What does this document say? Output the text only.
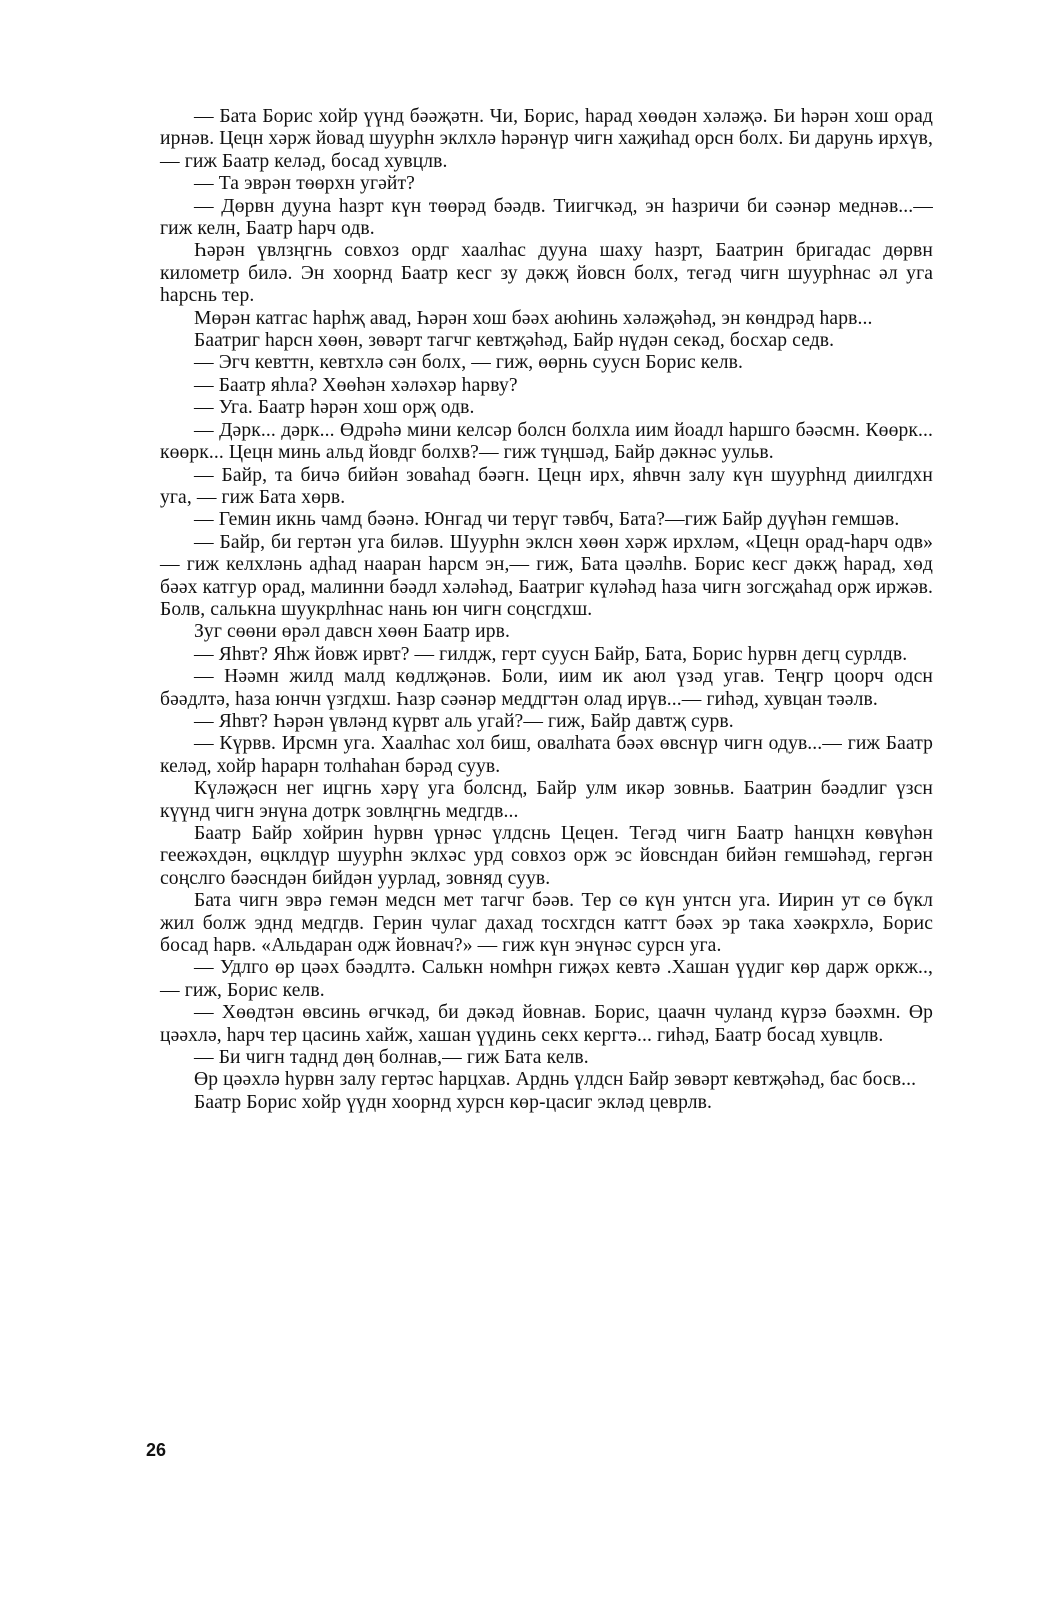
— Бата Борис хойр үүнд бәәҗәтн. Чи, Борис, һарад хөөдән хәләҗә. Би һәрән хош орад ирнәв. Цецн хәрж йовад шуурһн эклхлә һәрәнүр чигн хаҗиһад орсн болх. Би дарунь ирхүв,— гиж Баатр келәд, босад хувцлв.

— Та эврән төөрхн угәйт?

— Дөрвн дууна һазрт күн төөрәд бәәдв. Тиигчкәд, эн һазричи би сәәнәр меднәв...— гиж келн, Баатр һарч одв.

Һәрән үвлзңгнь совхоз ордг хаалһас дууна шаху һазрт, Баатрин бригадас дөрвн километр билә. Эн хоорнд Баатр кесг зу дәкҗ йовсн болх, тегәд чигн шуурһнас әл уга һарснь тер.

Мөрән катгас һарһҗ авад, Һәрән хош бәәх аюһинь хәләҗәһәд, эн көндрәд һарв...

Баатриг һарсн хөөн, зөвәрт тагчг кевтҗәһәд, Байр нүдән секәд, босхар седв.

— Эгч кевттн, кевтхлә сән болх, — гиж, өөрнь суусн Борис келв.

— Баатр яһла? Хөөһән хәләхәр һарву?

— Уга. Баатр һәрән хош орҗ одв.

— Дәрк... дәрк... Өдрәһә мини келсәр болсн болхла иим йоадл һаршго бәәсмн. Көөрк... көөрк... Цецн минь альд йовдг болхв?— гиж түңшәд, Байр дәкнәс уульв.

— Байр, та бичә бийән зоваһад бәәгн. Цецн ирх, яһвчн залу күн шуурһнд диилгдхн уга, — гиж Бата хөрв.

— Гемин икнь чамд бәәнә. Юнгад чи терүг тәвбч, Бата?—гиж Байр дуүһән гемшәв.

— Байр, би гертән уга биләв. Шуурһн эклсн хөөн хәрж ирхләм, «Цецн орад-һарч одв» — гиж келхләнь адһад нааран һарсм эн,— гиж, Бата цәәлһв. Борис кесг дәкҗ һарад, хөд бәәх катгур орад, малинни бәәдл хәләһәд, Баатриг күләһәд һаза чигн зогсҗаһад орж иржәв. Болв, салькна шуукрлһнас нань юн чигн соңсгдхш.

Зуг сөөни өрәл давсн хөөн Баатр ирв.

— Яһвт? Яһж йовж ирвт? — гилдж, герт суусн Байр, Бата, Борис һурвн дегц сурлдв.

— Нәәмн жилд малд көдлҗәнәв. Боли, иим ик аюл үзәд угав. Теңгр цоорч одсн бәәдлтә, һаза юнчн үзгдхш. Һазр сәәнәр меддгтән олад ирүв...— гиһәд, хувцан тәәлв.

— Яһвт? Һәрән үвләнд күрвт аль угай?— гиж, Байр давтҗ сурв.

— Күрвв. Ирсмн уга. Хаалһас хол биш, овалһата бәәх өвснүр чигн одув...— гиж Баатр келәд, хойр һарарн толһаһан бәрәд суув.

Күләҗәсн нег ицгнь хәрү уга болснд, Байр улм икәр зовньв. Баатрин бәәдлиг үзсн күүнд чигн энүна дотрк зовлңгнь медгдв...

Баатр Байр хойрин һурвн үрнәс үлдснь Цецен. Тегәд чигн Баатр һанцхн көвүһән геежәхдән, өцклдүр шуурһн эклхәс урд совхоз орж эс йовсндан бийән гемшәһәд, гергән соңслго бәәсндән бийдән уурлад, зовняд суув.

Бата чигн эврә гемән медсн мет тагчг бәәв. Тер сө күн унтсн уга. Иирин ут сө бүкл жил болж эднд медгдв. Герин чулаг дахад тосхгдсн катгт бәәх эр така хәәкрхлә, Борис босад һарв. «Альдаран одж йовнач?» — гиж күн энүнәс сурсн уга.

— Удлго өр цәәх бәәдлтә. Салькн номһрн гиҗәх кевтә .Хашан үүдиг көр дарж оркж..,— гиж, Борис келв.

— Хөөдтән өвсинь өгчкәд, би дәкәд йовнав. Борис, цаачн чуланд күрзә бәәхмн. Өр цәәхлә, һарч тер цасинь хайж, хашан үүдинь секх кергтә... гиһәд, Баатр босад хувцлв.

— Би чигн таднд дөң болнав,— гиж Бата келв.

Өр цәәхлә һурвн залу гертәс һарцхав. Арднь үлдсн Байр зөвәрт кевтҗәһәд, бас босв...

Баатр Борис хойр үүдн хоорнд хурсн көр-цасиг экләд цеврлв.

26
